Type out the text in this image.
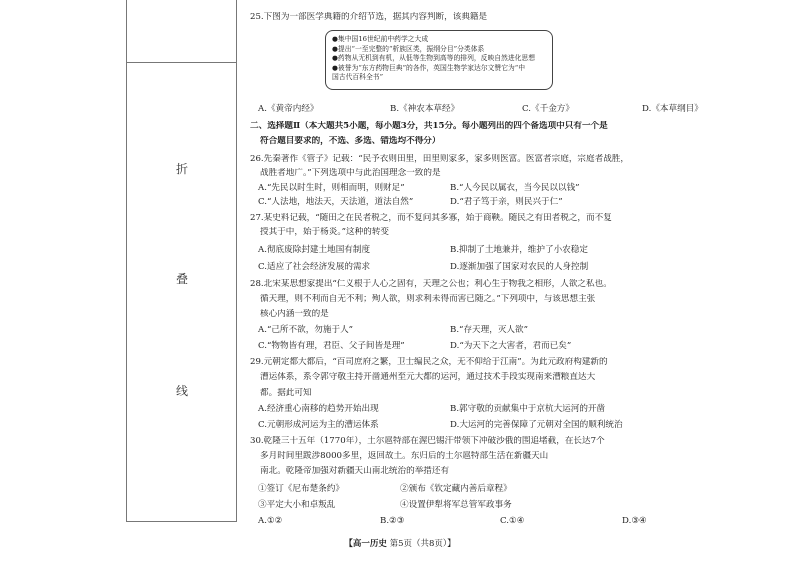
折
叠
线
25.下图为一部医学典籍的介绍节选，据其内容判断，该典籍是
A.《黄帝内经》	B.《神农本草经》	C.《千金方》	D.《本草纲目》
二、选择题Ⅱ（本大题共5小题，每小题3分，共15分。每小题列出的四个备选项中只有一个是
符合题目要求的，不选、多选、错选均不得分）
26.先秦著作《管子》记载：“民予衣则田里，田里则家多，家多则医富。医富者宗庭，宗庭者战胜，
战胜者地广。”下列选项中与此治国理念一致的是
A.“先民以时生时，则相而明，则财足”	B.“人今民以属衣，当今民以以钱”
C.“人法地，地法天，天法道，道法自然”	D.“君子笃于亲，则民兴于仁”
27.某史料记载，“随田之在民者税之，而不复问其多寡，始于商鞅。随民之有田者税之，而不复
授其于中，始于杨炎。”这种的转变
A.彻底废除封建土地国有制度	B.抑制了土地兼并，维护了小农稳定
C.适应了社会经济发展的需求	D.逐渐加强了国家对农民的人身控制
28.北宋某思想家提出“仁义根于人心之固有，天理之公也；利心生于物我之相形，人欲之私也。
循天理，则不利而自无不利；殉人欲，则求利未得而害已随之。”下列项中，与该思想主张
核心内涵一致的是
A.“己所不欲，勿施于人”	B.“存天理，灭人欲”
C.“物物皆有理，君臣、父子间皆是理”	D.“为天下之大害者，君而已矣”
29.元朝定都大都后，“百司庶府之繁，卫士编民之众，无不仰给于江南”。为此元政府构建新的
漕运体系，系令郭守敬主持开凿通州至元大都的运河，通过技术手段实现南来漕粮直达大
都。据此可知
A.经济重心南移的趋势开始出现	B.郭守敬的贡献集中于京杭大运河的开凿
C.元朝形成河运为主的漕运体系	D.大运河的完善保障了元朝对全国的顺利统治
30.乾隆三十五年（1770年），土尔扈特部在渥巴锡汗带领下冲破沙俄的围追堵截，在长达7个
多月时间里跋涉8000多里，返回故土。东归后的土尔扈特部生活在新疆天山
南北。乾隆帝加强对新疆天山南北统治的举措还有
①签订《尼布楚条约》	②颁布《钦定藏内善后章程》
③平定大小和卓叛乱	④设置伊犁将军总管军政事务
A.①②	B.②③	C.①④	D.③④
●集中国16世纪前中药学之大成
●提出“一至完整的“析族区类，振纲分目”分类体系
●药物从无机到有机，从低等生物到高等的排列，反映自然进化思想
●被誉为“东方药物巨典”的各作，英国生物学家达尔文赞它为“中
国古代百科全书”
【高一历史 第5页（共8页）】
